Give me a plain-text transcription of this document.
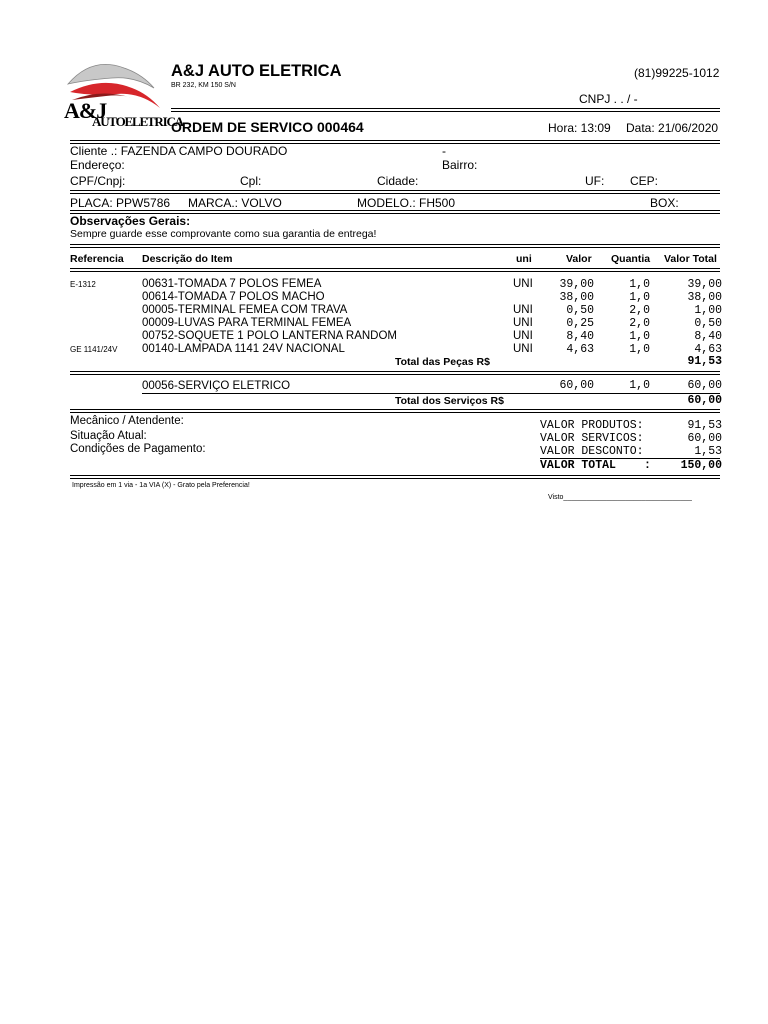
A&J
AUTOELETRICA
A&J AUTO ELETRICA
BR 232, KM 150 S/N
(81)99225-1012
CNPJ . . / -
ORDEM DE SERVICO 000464	Hora: 13:09 Data: 21/06/2020
Cliente .: FAZENDA CAMPO DOURADO	-
Endereço:	Bairro:
CPF/Cnpj:	Cpl:	Cidade:	UF: CEP:
PLACA: PPW5786 MARCA.: VOLVO	MODELO.: FH500	BOX:
Observações Gerais:
Sempre guarde esse comprovante como sua garantia de entrega!
Referencia Descrição do Item	uni	Valor Quantia Valor Total
E-1312	00631-TOMADA 7 POLOS FEMEA	UNI	39,00	1,0	39,00
00614-TOMADA 7 POLOS MACHO	38,00	1,0	38,00
00005-TERMINAL FEMEA COM TRAVA	UNI	0,50	2,0	1,00
00009-LUVAS PARA TERMINAL FEMEA	UNI	0,25	2,0	0,50
00752-SOQUETE 1 POLO LANTERNA RANDOM	UNI	8,40	1,0	8,40
GE 1141/24V 00140-LAMPADA 1141 24V NACIONAL	UNI	4,63	1,0	4,63
Total das Peças R$	91,53
00056-SERVIÇO ELETRICO	60,00	1,0	60,00
Total dos Serviços R$	60,00
Mecânico / Atendente:
Situação Atual:
Condições de Pagamento:
VALOR PRODUTOS:	91,53
VALOR SERVICOS:	60,00
VALOR DESCONTO:	1,53
VALOR TOTAL :	150,00
Impressão em 1 via - 1a VIA (X) - Grato pela Preferencia!
Visto_________________________________
